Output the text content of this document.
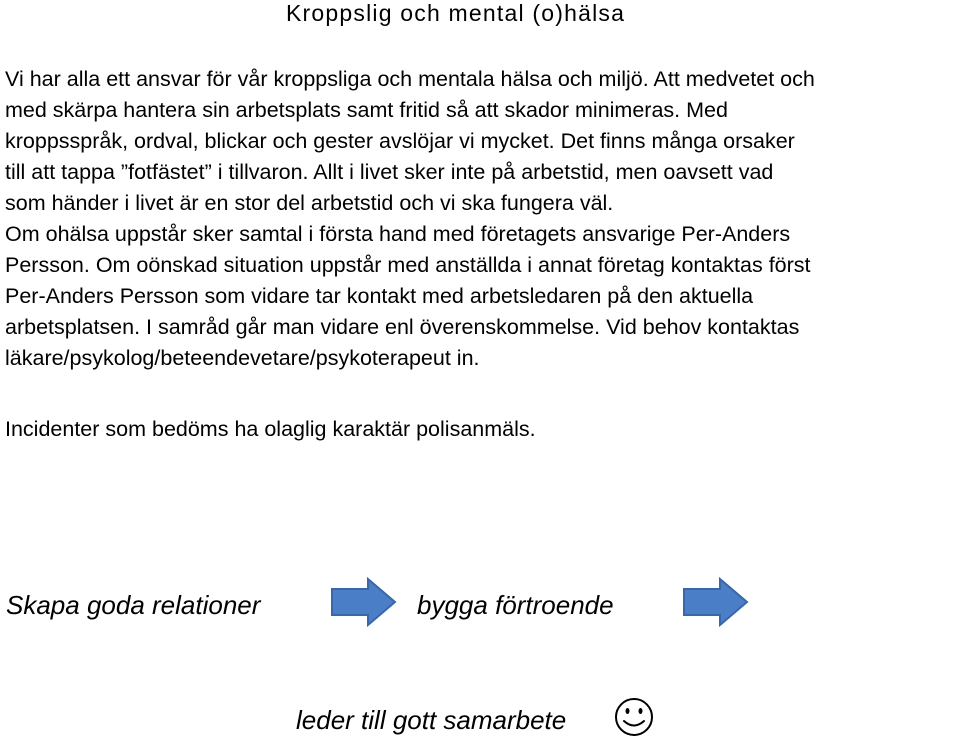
Kroppslig och mental (o)hälsa
Vi har alla ett ansvar för vår kroppsliga och mentala hälsa och miljö. Att medvetet och
med skärpa hantera sin arbetsplats samt fritid så att skador minimeras. Med
kroppsspråk, ordval, blickar och gester avslöjar vi mycket. Det finns många orsaker
till att tappa ”fotfästet” i tillvaron. Allt i livet sker inte på arbetstid, men oavsett vad
som händer i livet är en stor del arbetstid och vi ska fungera väl.
Om ohälsa uppstår sker samtal i första hand med företagets ansvarige Per-Anders
Persson. Om oönskad situation uppstår med anställda i annat företag kontaktas först
Per-Anders Persson som vidare tar kontakt med arbetsledaren på den aktuella
arbetsplatsen. I samråd går man vidare enl överenskommelse. Vid behov kontaktas
läkare/psykolog/beteendevetare/psykoterapeut in.
Incidenter som bedöms ha olaglig karaktär polisanmäls.
Skapa goda relationer	bygga förtroende
leder till gott samarbete
